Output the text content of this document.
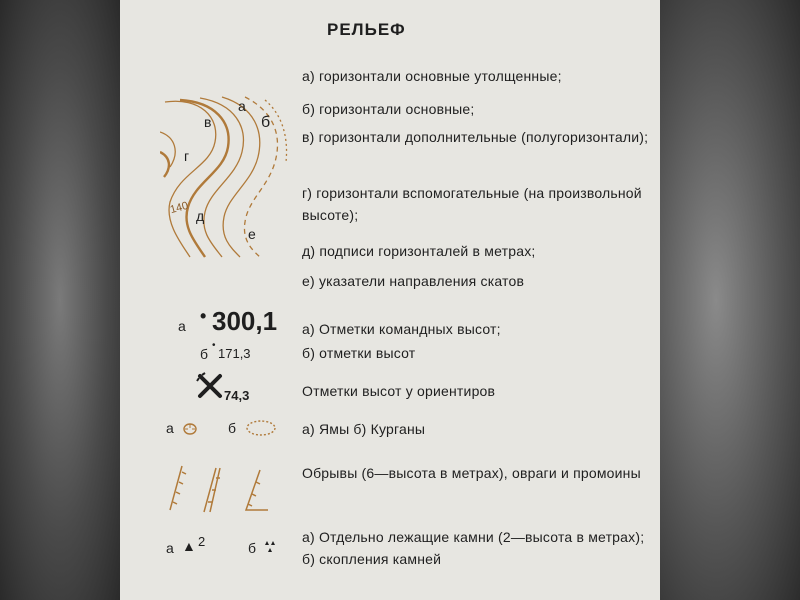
РЕЛЬЕФ
в
а
б
г
140 д
е
а) горизонтали основные утолщенные;
б) горизонтали основные;
в) горизонтали дополнительные (полугоризонтали);
г) горизонтали вспомогательные (на произвольной высоте);
д) подписи горизонталей в метрах;
е) указатели направления скатов
а • 300,1
б
•
171,3
а) Отметки командных высот;
б) отметки высот
74,3	Отметки высот у ориентиров
а	б	а) Ямы б) Курганы
Обрывы (6—высота в метрах), овраги и промоины
а ▲ 2	б
а) Отдельно лежащие камни (2—высота в метрах); б) скопления камней
